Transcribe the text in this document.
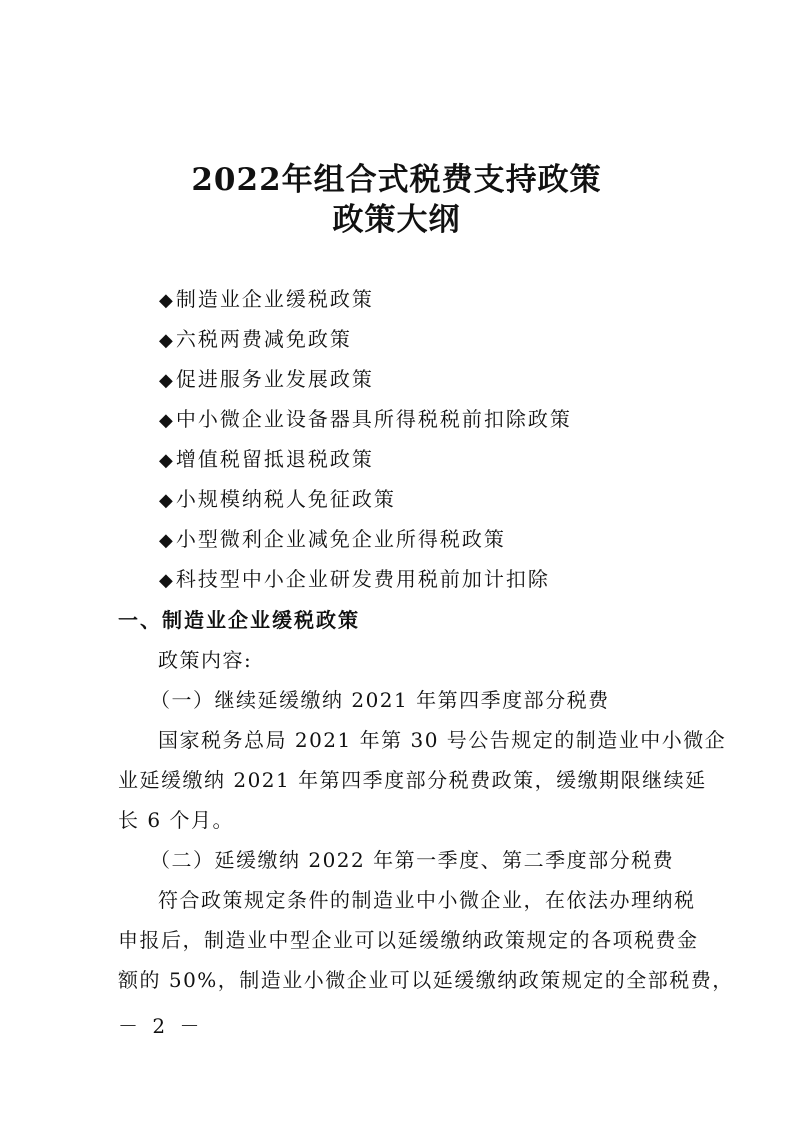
2022年组合式税费支持政策
政策大纲
◆制造业企业缓税政策
◆六税两费减免政策
◆促进服务业发展政策
◆中小微企业设备器具所得税税前扣除政策
◆增值税留抵退税政策
◆小规模纳税人免征政策
◆小型微利企业减免企业所得税政策
◆科技型中小企业研发费用税前加计扣除
一、制造业企业缓税政策
政策内容:
（一）继续延缓缴纳 2021 年第四季度部分税费
国家税务总局 2021 年第 30 号公告规定的制造业中小微企
业延缓缴纳 2021 年第四季度部分税费政策，缓缴期限继续延
长 6 个月。
（二）延缓缴纳 2022 年第一季度、第二季度部分税费
符合政策规定条件的制造业中小微企业，在依法办理纳税
申报后，制造业中型企业可以延缓缴纳政策规定的各项税费金
额的 50%，制造业小微企业可以延缓缴纳政策规定的全部税费，
－ 2 －
